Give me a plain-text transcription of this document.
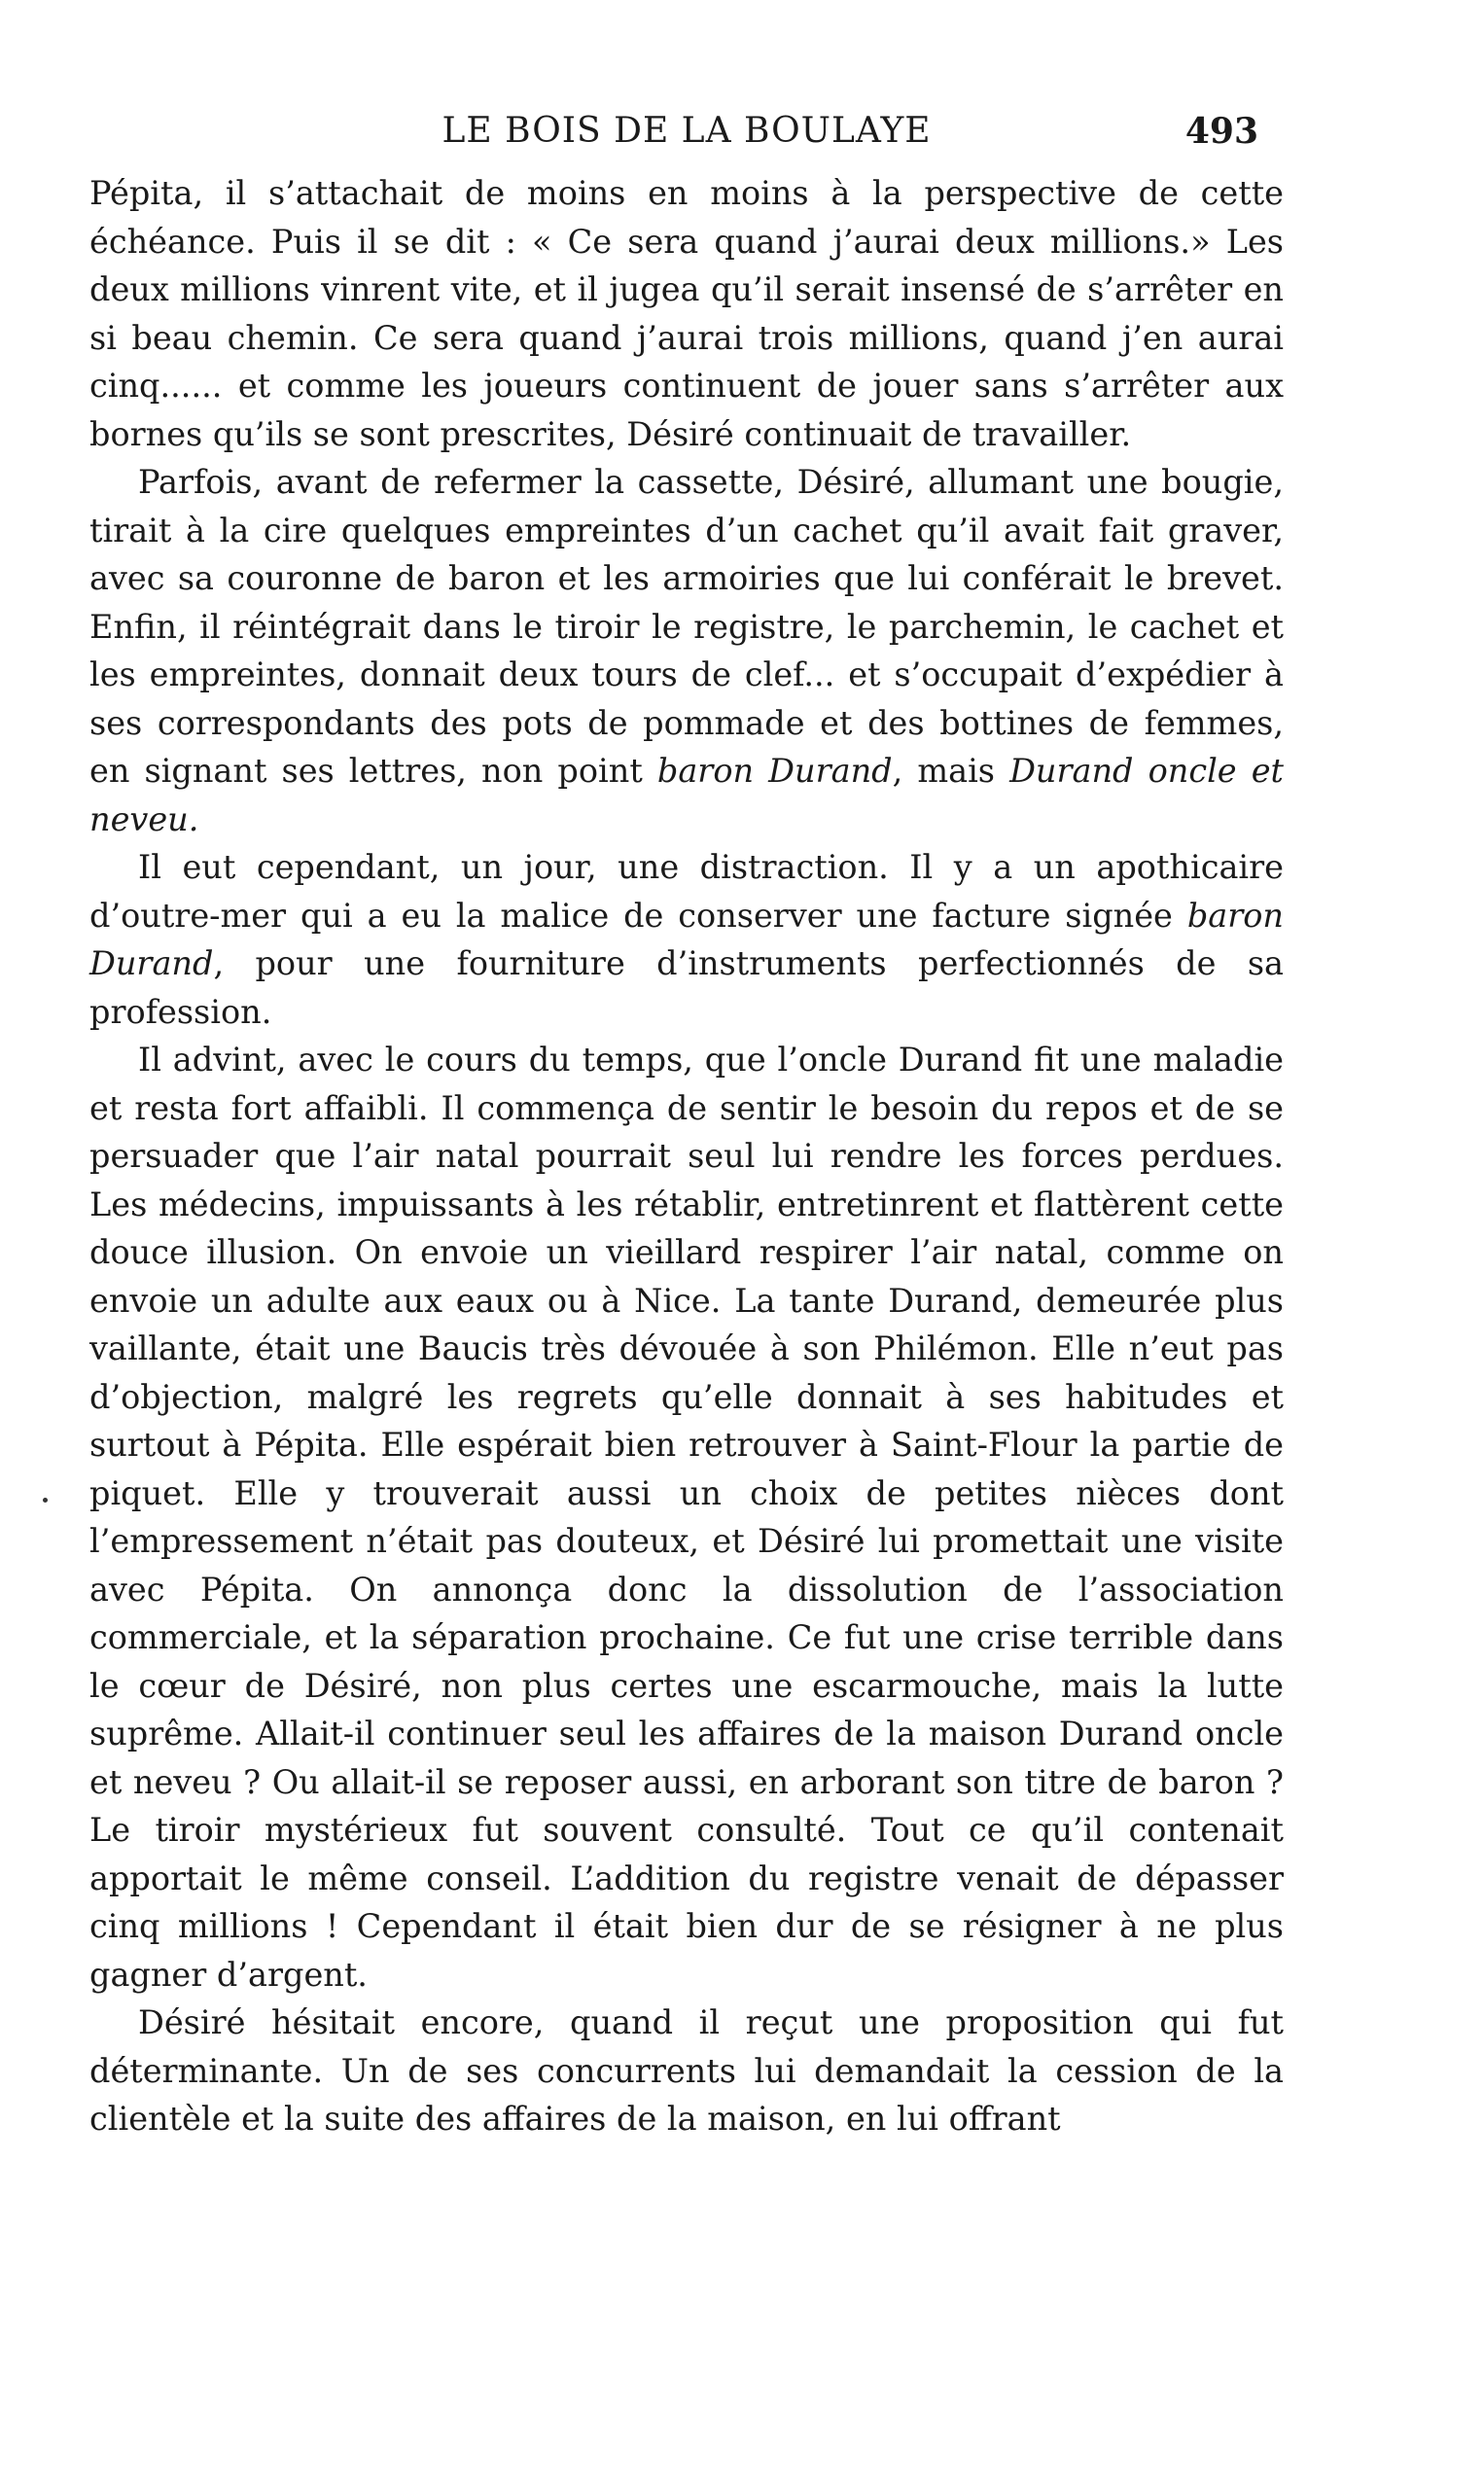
LE BOIS DE LA BOULAYE	493

Pépita, il s’attachait de moins en moins à la perspective de cette échéance. Puis il se dit : « Ce sera quand j’aurai deux millions.» Les deux millions vinrent vite, et il jugea qu’il serait insensé de s’arrêter en si beau chemin. Ce sera quand j’aurai trois millions, quand j’en aurai cinq...... et comme les joueurs continuent de jouer sans s’arrêter aux bornes qu’ils se sont prescrites, Désiré continuait de travailler.

Parfois, avant de refermer la cassette, Désiré, allumant une bougie, tirait à la cire quelques empreintes d’un cachet qu’il avait fait graver, avec sa couronne de baron et les armoiries que lui conférait le brevet. Enfin, il réintégrait dans le tiroir le registre, le parchemin, le cachet et les empreintes, donnait deux tours de clef... et s’occupait d’expédier à ses correspondants des pots de pommade et des bottines de femmes, en signant ses lettres, non point baron Durand, mais Durand oncle et neveu.

Il eut cependant, un jour, une distraction. Il y a un apothicaire d’outre-mer qui a eu la malice de conserver une facture signée baron Durand, pour une fourniture d’instruments perfectionnés de sa profession.

Il advint, avec le cours du temps, que l’oncle Durand fit une maladie et resta fort affaibli. Il commença de sentir le besoin du repos et de se persuader que l’air natal pourrait seul lui rendre les forces perdues. Les médecins, impuissants à les rétablir, entretinrent et flattèrent cette douce illusion. On envoie un vieillard respirer l’air natal, comme on envoie un adulte aux eaux ou à Nice. La tante Durand, demeurée plus vaillante, était une Baucis très dévouée à son Philémon. Elle n’eut pas d’objection, malgré les regrets qu’elle donnait à ses habitudes et surtout à Pépita. Elle espérait bien retrouver à Saint-Flour la partie de piquet. Elle y trouverait aussi un choix de petites nièces dont l’empressement n’était pas douteux, et Désiré lui promettait une visite avec Pépita. On annonça donc la dissolution de l’association commerciale, et la séparation prochaine. Ce fut une crise terrible dans le cœur de Désiré, non plus certes une escarmouche, mais la lutte suprême. Allait-il continuer seul les affaires de la maison Durand oncle et neveu ? Ou allait-il se reposer aussi, en arborant son titre de baron ? Le tiroir mystérieux fut souvent consulté. Tout ce qu’il contenait apportait le même conseil. L’addition du registre venait de dépasser cinq millions ! Cependant il était bien dur de se résigner à ne plus gagner d’argent.

Désiré hésitait encore, quand il reçut une proposition qui fut déterminante. Un de ses concurrents lui demandait la cession de la clientèle et la suite des affaires de la maison, en lui offrant
